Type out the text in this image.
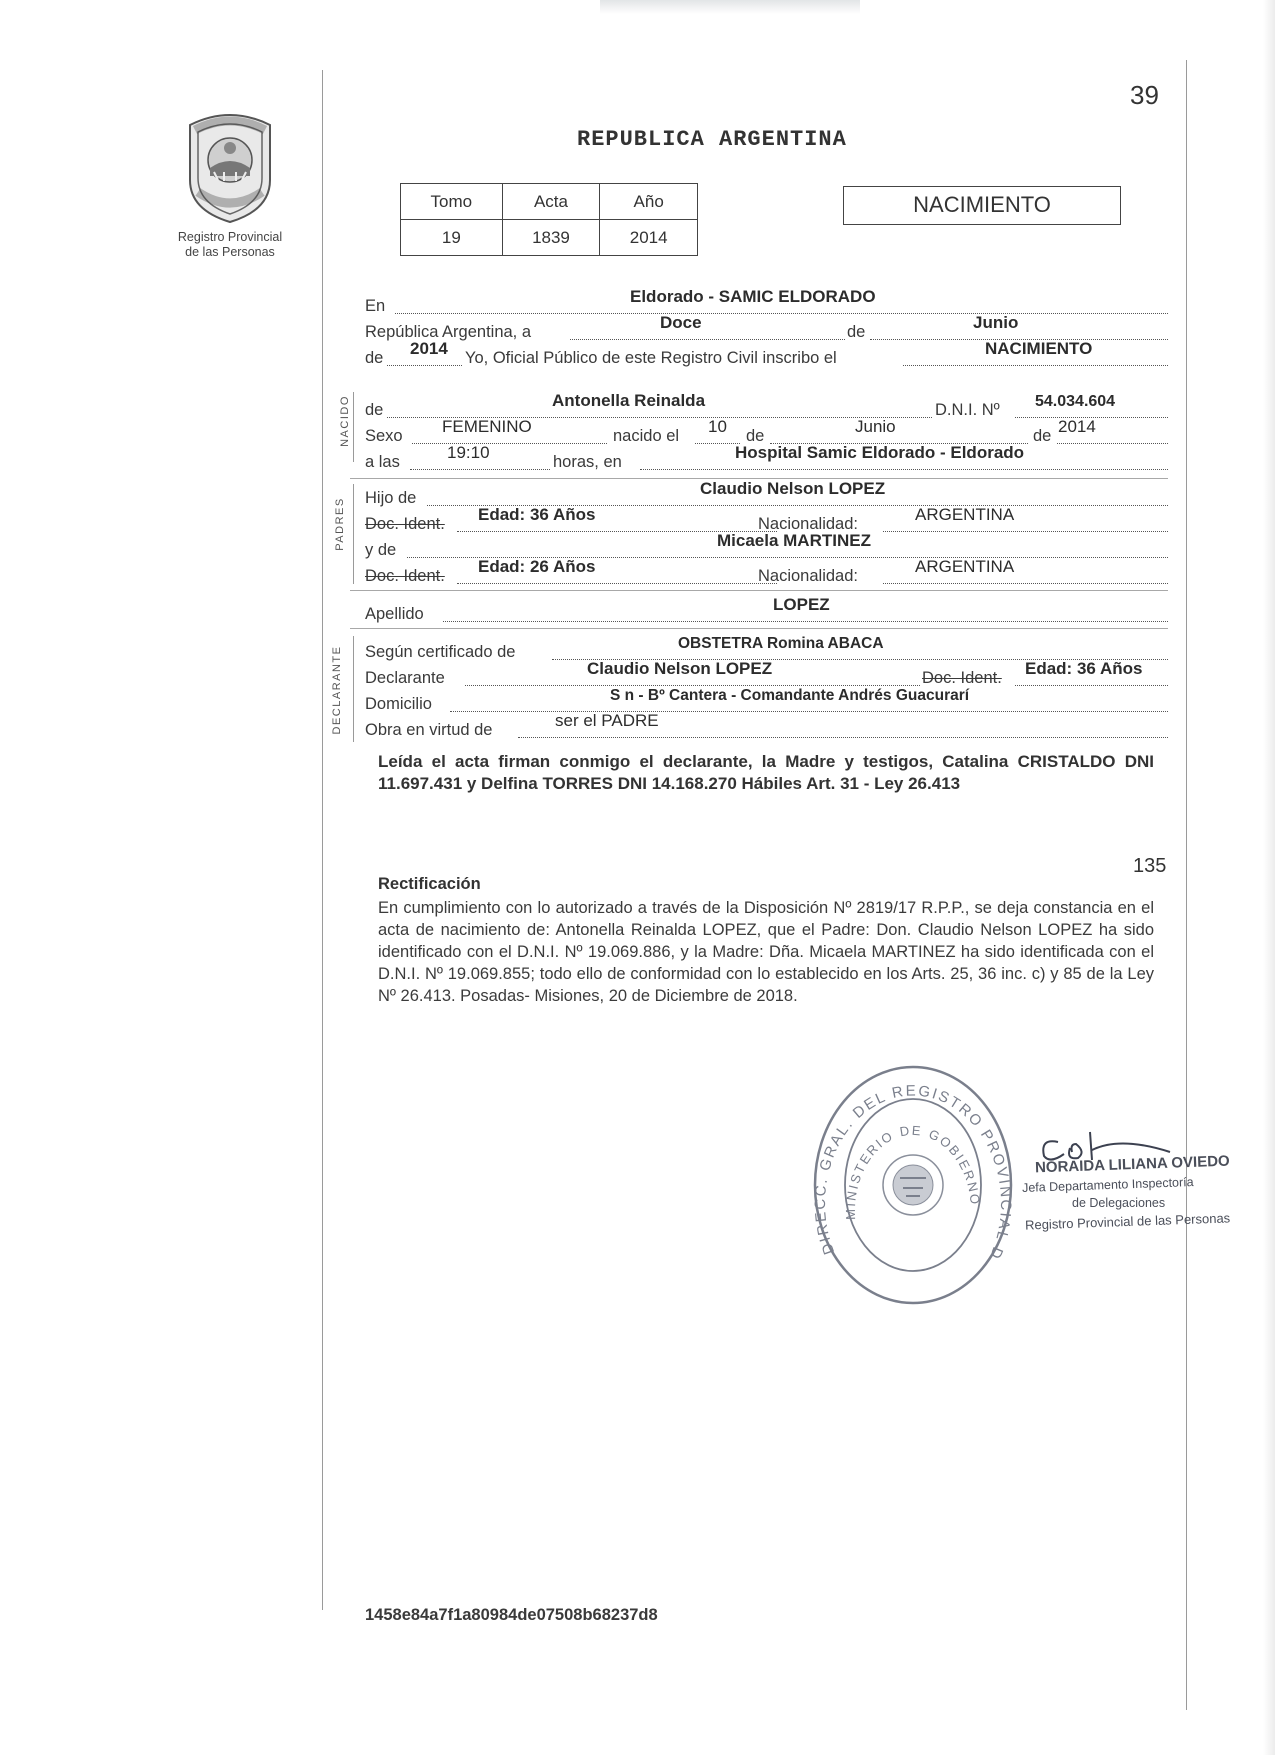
39
Registro Provincial
de las Personas
REPUBLICA ARGENTINA
Tomo	Acta	Año
19	1839	2014
NACIMIENTO
En	Eldorado - SAMIC ELDORADO
República Argentina, a	Doce	de	Junio
de 2014 Yo, Oficial Público de este Registro Civil inscribo el	NACIMIENTO
NACIDO de	Antonella Reinalda	D.N.I. Nº 54.034.604
Sexo FEMENINO	nacido el 10 de	Junio	de 2014
a las	19:10	horas, en	Hospital Samic Eldorado - Eldorado
PADRES Hijo de	Claudio Nelson LOPEZ
Doc. Ident. Edad: 36 Años	Nacionalidad:	ARGENTINA
y de	Micaela MARTINEZ
Doc. Ident. Edad: 26 Años	Nacionalidad:	ARGENTINA
Apellido	LOPEZ
DECLARANTE Según certificado de	OBSTETRA Romina ABACA
Declarante	Claudio Nelson LOPEZ	Doc. Ident. Edad: 36 Años
Domicilio	S n - Bº Cantera - Comandante Andrés Guacurarí
Obra en virtud de	ser el PADRE
Leída el acta firman conmigo el declarante, la Madre y testigos, Catalina CRISTALDO DNI 11.697.431 y Delfina TORRES DNI 14.168.270 Hábiles Art. 31 - Ley 26.413
135
Rectificación
En cumplimiento con lo autorizado a través de la Disposición Nº 2819/17 R.P.P., se deja constancia en el acta de nacimiento de: Antonella Reinalda LOPEZ, que el Padre: Don. Claudio Nelson LOPEZ ha sido identificado con el D.N.I. Nº 19.069.886, y la Madre: Dña. Micaela MARTINEZ ha sido identificada con el D.N.I. Nº 19.069.855; todo ello de conformidad con lo establecido en los Arts. 25, 36 inc. c) y 85 de la Ley Nº 26.413. Posadas- Misiones, 20 de Diciembre de 2018.
DIRECC. GRAL. DEL REGISTRO PROVINCIAL D
MINISTERIO DE GOBIERNO
NORAIDA LILIANA OVIEDO
Jefa Departamento Inspectoría
de Delegaciones
Registro Provincial de las Personas
1458e84a7f1a80984de07508b68237d8
